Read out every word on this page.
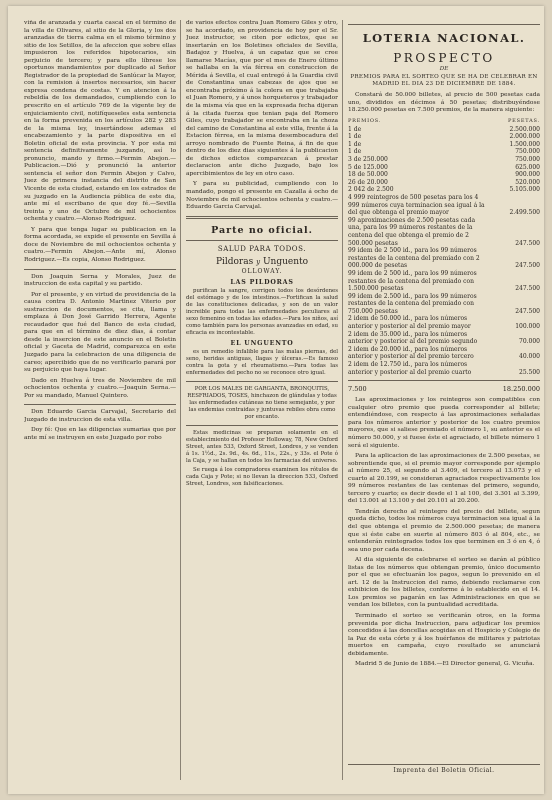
viña de aranzada y cuarta cascal en el término de la villa de Olivares, al sitio de la Gloria, y los dos aranzadas de tierra calma en el mismo término y sitio de los Setillos, de la afeccion que sobre ellas impusieron los referidos hipotecarios, sin perjuicio de tercero; y para ello líbrese los oportunos mandamientos por duplicado al Señor Registrador de la propiedad de Sanlúcar la Mayor, con la remision á insertos necesarios, sin hacer expresa condena de costas. Y en atencion á la rebeldía de los demandados, cumpliendo con lo prescrito en el artículo 769 de la vigente ley de enjuiciamiento civil, notifíqueseles esta sentencia en la forma prevenida en los artículos 282 y 283 de la misma ley, insertándose ademas el encabezamiento y la parte dispositiva en el Boletin oficial de esta provincia. Y por esta mi sentencia definitivamente juzgando, así lo pronuncio, mando y firmo.—Fermin Abejon.—Publicacion.—Dió y pronunció la anterior sentencia el señor don Fermin Abejon y Calvo, Juez de primera instancia del distrito de San Vicente de esta ciudad, estando en los estrados de su juzgado en la Audiencia pública de este dia, ante mí el escribano de que doy fé.—Sevilla treinta y uno de Octubre de mil ochocientos ochenta y cuatro.—Alonso Rodriguez.

Y para que tenga lugar su publicacion en la forma acordada, se expide el presente en Sevilla á doce de Noviembre de mil ochocientos ochenta y cuatro.—Fermin Abejon.—Ante mí, Alonso Rodriguez.—Es copia, Alonso Rodriguez.

Don Joaquin Serna y Morales, Juez de instruccion de esta capital y su partido.

Por el presente, y en virtud de providencia de la causa contra D. Antonio Martinez Viterio por sustraccion de documentos, se cita, llama y emplaza á Don José Garrido Herrera, Agente recaudador que fué del Banco de esta ciudad, para que en el término de diez dias, á contar desde la insercion de este anuncio en el Boletin oficial y Gaceta de Madrid, comparezca en este Juzgado para la celebracion de una diligencia de careo; apercibido que de no verificarlo parará por su perjuicio que haya lugar.

Dado en Huelva á tres de Noviembre de mil ochocientos ochenta y cuatro.—Joaquin Serna.—Por su mandado, Manuel Quintero.

Don Eduardo Garcia Carvajal, Secretario del Juzgado de instruccion de esta villa.

Doy fé: Que en las diligencias sumarias que por ante mí se instruyen en este Juzgado por robo

de varios efectos contra Juan Romero Giles y otro, se ha acordado, en providencia de hoy por el Sr. Juez instructor, se citen por edictos, que se insertarán en los Boletines oficiales de Sevilla, Badajoz y Huelva, á un capataz que se cree llamarse Macías, que por el mes de Enero último se hallaba en la vía férrea en construccion de Mérida á Sevilla, el cual entregó á la Guardia civil de Constantina unas cabezas de ajos que se encontraba próximo á la colera en que trabajaba el Juan Romero, y á unos horqueteros y trabajador de la misma vía que en la expresada fecha dijeran á la citada fuerza que tenian paja del Romero Giles, cuyo trabajador se encontraba en la choza del camino de Constantina al este villa, frente á la Estacion férrea, en la misma desembocadura del arroyo nombrado de Fuente Reina, á fin de que dentro de los diez dias siguientes á la publicacion de dichos edictos comparezcan á prestar declaracion ante dicho Juzgado, bajo los apercibimientos de ley en otro caso.

Y para su publicidad, cumpliendo con lo mandado, pongo el presente en Cazalla á ocho de Noviembre de mil ochocientos ochenta y cuatro.—Eduardo Garcia Carvajal.

Parte no oficial.
SALUD PARA TODOS.
Pildoras y Unguento
OLLOWAY.
LAS PILDORAS

purifican la sangre, corrigen todos los desórdenes del estómago y de los intestinos.—Fortifican la salud de las constituciones delicadas, y son de un valor increible para todas las enfermedades peculiares al sexo femenino en todas las edades.—Para los niños, así como también para los personas avanzadas en edad, su eficacia es incontestable.

EL UNGUENTO

es un remedio infalible para las malas piernas, del seno, heridas antiguas, llagas y úlceras.—Es famoso contra la gota y el rheumatismo.—Para todas las enfermedades del pecho no se reconoce otro igual.

POR LOS MALES DE GARGANTA, BRONQUITIS, RESFRIADOS, TOSES, hinchazon de glándulas y todas las enfermedades cutáneas no tiene semejante, y por las endemias contraidas y juntuvas rebiles obra como por encanto.

Estas medicinas se preparan solamente en el establecimiento del Profesor Holloway, 78, New Oxford Street, antes 533, Oxford Street, Londres, y se venden á 1s. 1½d., 2s. 9d., 4s. 6d., 11s., 22s., y 33s. el Pote ó la Caja, y se hallan en todos los farmacias del universo.

Se ruega á los compradores examinen los rótulos de cada Caja y Pote; si no llevan la direccion 533, Oxford Street, Londres, son falsificaciones.

LOTERIA NACIONAL.
PROSPECTO
DE
PREMIOS PARA EL SORTEO QUE SE HA DE CELEBRAR EN MADRID EL DIA 23 DE DICIEMBRE DE 1884.

Constará de 50.000 billetes, al precio de 500 pesetas cada uno, divididos en décimos á 50 pesetas; distribuyéndose 18.250.000 pesetas en 7.500 premios, de la manera siguiente:

PREMIOS.	PESETAS.
1 de	2.500.000
1 de	2.000.000
1 de	1.500.000
1 de	750.000
3 de 250.000	750.000
5 de 125.000	625.000
18 de 50.000	900.000
26 de 20.000	520.000
2 042 de 2.500	5.105.000
4 999 reintegros de 500 pesetas para los 4 999 números cuya terminacion sea igual á la del que obtenga el premio mayor	2.499.500
99 aproximaciones de 2.500 pesetas cada una, para los 99 números restantes de la centena del que obtenga el premio de 2 500.000 pesetas	247.500
99 idem de 2 500 id., para los 99 números restantes de la centena del premiado con 2 000.000 de pesetas	247.500
99 idem de 2 500 id., para los 99 números restantes de la centena del premiado con 1.500.000 pesetas	247.500
99 idem de 2.500 id., para los 99 números restantes de la centena del premiado con 750.000 pesetas	247.500
2 idem de 50.000 id., para los números anterior y posterior al del premio mayor	100.000
2 idem de 35.000 id., para los números anterior y posterior al del premio segundo	70.000
2 idem de 20.000 id., para los números anterior y posterior al del premio tercero	40.000
2 idem de 12.750 id., para los números anterior y posterior al del premio cuarto	25.500
7.500	18.250.000

Las aproximaciones y los reintegros son compatibles con cualquier otro premio que pueda corresponder al billete; entendiéndose, con respecto á las aproximaciones señaladas para los números anterior y posterior de los cuatro premios mayores, que si saliese premiado el número 1, su anterior es el número 50.000, y si fuese éste el agraciado, el billete número 1 será el siguiente.

Para la aplicacion de las aproximaciones de 2.500 pesetas, se sobrentiende que, si el premio mayor corresponde por ejemplo al número 25, el segundo al 3.409, el tercero al 13.073 y el cuarto al 20.199, se consideran agraciados respectivamente los 99 números restantes de las centenas del primero, segundo, tercero y cuarto; es decir desde el 1 al 100, del 3.301 al 3.399, del 13.001 al 13.100 y del 20.101 al 20.200.

Tendrán derecho al reintegro del precio del billete, segun queda dicho, todos los números cuya terminacion sea igual á la del que obtenga el premio de 2.500.000 pesetas; de manera que si éste cabe en suerte al número 803 ó al 804, etc., se entenderán reintegrados todos los que terminen en 3 ó en 4, ó sea uno por cada decena.

Al dia siguiente de celebrarse el sorteo se darán al público listas de los números que obtengan premio, único documento por el que se efectuarán los pagos, segun lo prevenido en el art. 12 de la Instruccion del ramo, debiendo reclamarse con exhibicion de los billetes, conforme á lo establecido en el 14. Los premios se pagarán en las Administraciones en que se vendan los billetes, con la puntualidad acreditada.

Terminado el sorteo se verificarán otros, en la forma prevenida por dicha Instruccion, para adjudicar los premios concedidos á las doncellas acogidas en el Hospicio y Colegio de la Paz de esta córte y á los huérfanos de militares y patriotas muertos en campaña, cuyo resultado se anunciará debidamente.

Madrid 5 de Junio de 1884.—El Director general, G. Vicuña.

Imprenta del Boletin Oficial.
